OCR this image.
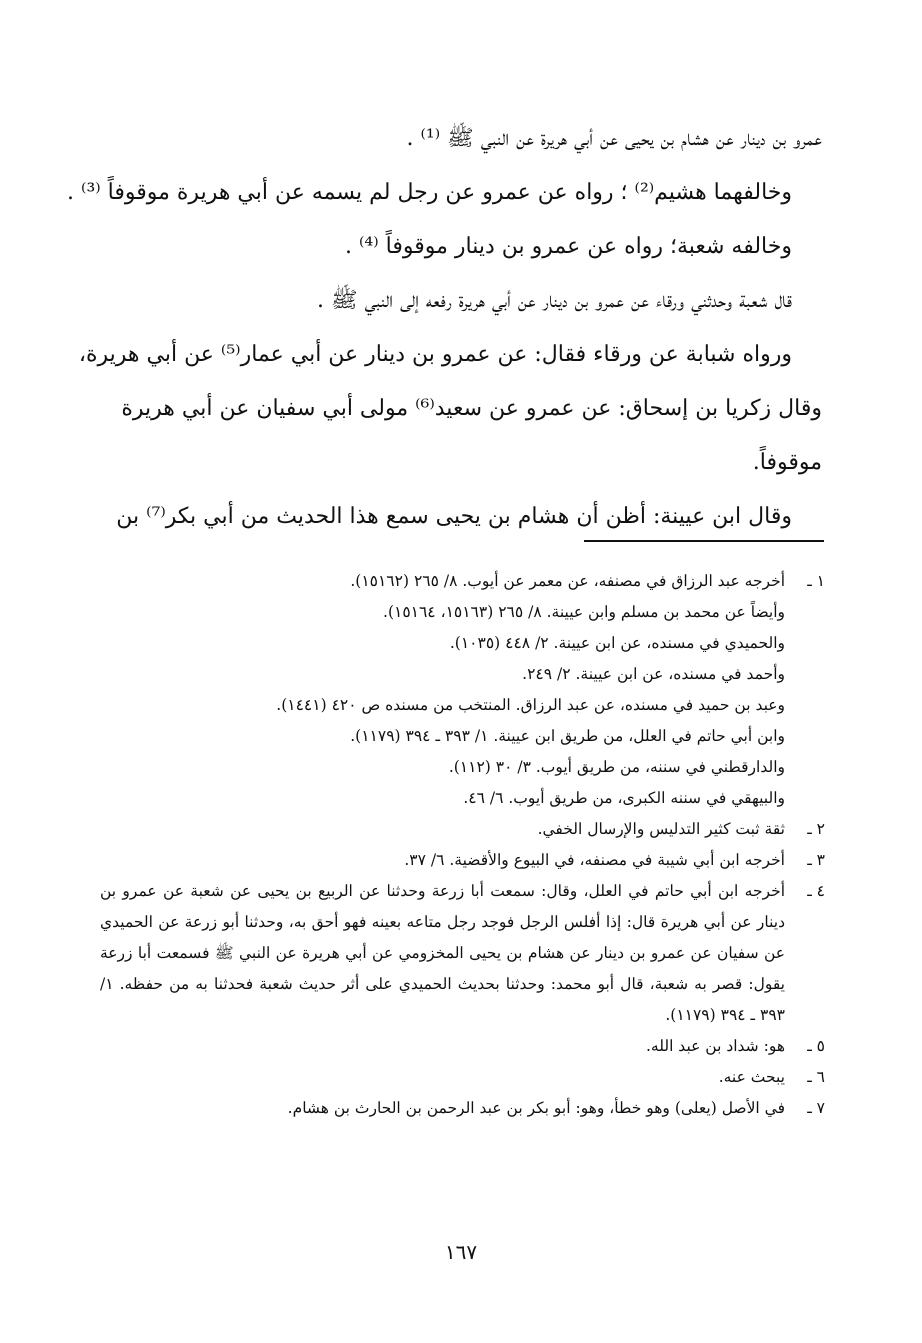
عمرو بن دينار عن هشام بن يحيى عن أبي هريرة عن النبي ﷺ ⁽¹⁾ .
وخالفهما هشيم⁽²⁾ ؛ رواه عن عمرو عن رجل لم يسمه عن أبي هريرة موقوفاً ⁽³⁾ .
وخالفه شعبة؛ رواه عن عمرو بن دينار موقوفاً ⁽⁴⁾ .
قال شعبة وحدثني ورقاء عن عمرو بن دينار عن أبي هريرة رفعه إلى النبي ﷺ .
ورواه شبابة عن ورقاء فقال: عن عمرو بن دينار عن أبي عمار⁽⁵⁾ عن أبي هريرة،
وقال زكريا بن إسحاق: عن عمرو عن سعيد⁽⁶⁾ مولى أبي سفيان عن أبي هريرة
موقوفاً.
وقال ابن عيينة: أظن أن هشام بن يحيى سمع هذا الحديث من أبي بكر⁽⁷⁾ بن
١ ـأخرجه عبد الرزاق في مصنفه، عن معمر عن أيوب. ٨/ ٢٦٥ (١٥١٦٢).
وأيضاً عن محمد بن مسلم وابن عيينة. ٨/ ٢٦٥ (١٥١٦٣، ١٥١٦٤).
والحميدي في مسنده، عن ابن عيينة. ٢/ ٤٤٨ (١٠٣٥).
وأحمد في مسنده، عن ابن عيينة. ٢/ ٢٤٩.
وعبد بن حميد في مسنده، عن عبد الرزاق. المنتخب من مسنده ص ٤٢٠ (١٤٤١).
وابن أبي حاتم في العلل، من طريق ابن عيينة. ١/ ٣٩٣ ـ ٣٩٤ (١١٧٩).
والدارقطني في سننه، من طريق أيوب. ٣/ ٣٠ (١١٢).
والبيهقي في سننه الكبرى، من طريق أيوب. ٦/ ٤٦.
٢ ـثقة ثبت كثير التدليس والإرسال الخفي.
٣ ـأخرجه ابن أبي شيبة في مصنفه، في البيوع والأقضية. ٦/ ٣٧.
٤ ـ
أخرجه ابن أبي حاتم في العلل، وقال: سمعت أبا زرعة وحدثنا عن الربيع بن يحيى عن شعبة عن عمرو بن دينار عن أبي هريرة قال: إذا أفلس الرجل فوجد رجل متاعه بعينه فهو أحق به، وحدثنا أبو زرعة عن الحميدي عن سفيان عن عمرو بن دينار عن هشام بن يحيى المخزومي عن أبي هريرة عن النبي ﷺ فسمعت أبا زرعة يقول: قصر به شعبة، قال أبو محمد: وحدثنا بحديث الحميدي على أثر حديث شعبة فحدثنا به من حفظه. ١/ ٣٩٣ ـ ٣٩٤ (١١٧٩).
٥ ـهو: شداد بن عبد الله.
٦ ـيبحث عنه.
٧ ـفي الأصل (يعلى) وهو خطأ، وهو: أبو بكر بن عبد الرحمن بن الحارث بن هشام.
١٦٧
